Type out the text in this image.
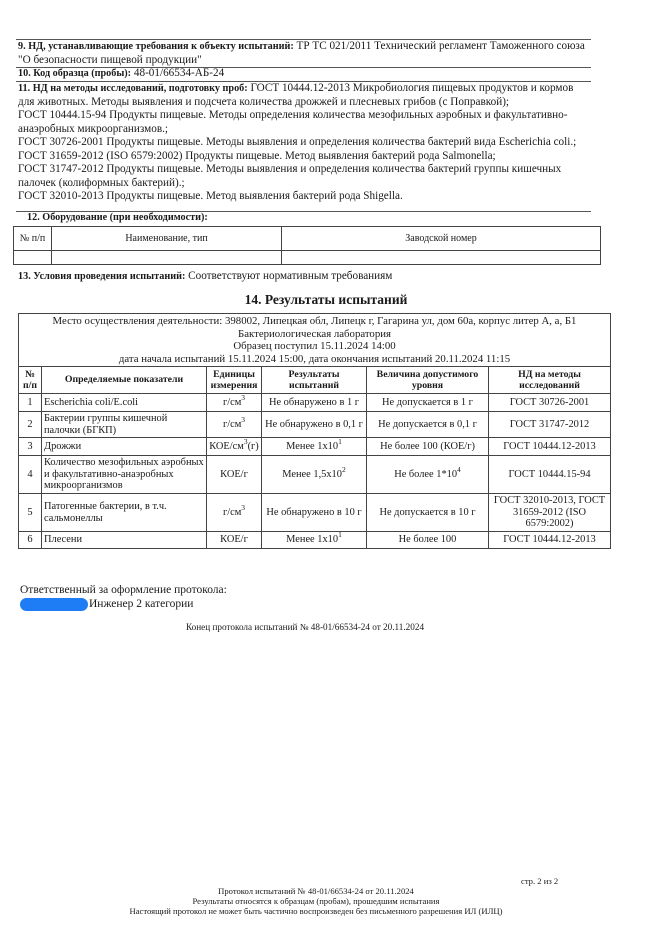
9. НД, устанавливающие требования к объекту испытаний: ТР ТС 021/2011 Технический регламент Таможенного союза "О безопасности пищевой продукции"
10. Код образца (пробы): 48-01/66534-АБ-24
11. НД на методы исследований, подготовку проб: ГОСТ 10444.12-2013 Микробиология пищевых продуктов и кормов для животных. Методы выявления и подсчета количества дрожжей и плесневых грибов (с Поправкой);
ГОСТ 10444.15-94 Продукты пищевые. Методы определения количества мезофильных аэробных и факультативно-анаэробных микроорганизмов.;
ГОСТ 30726-2001 Продукты пищевые. Методы выявления и определения количества бактерий вида Escherichia coli.;
ГОСТ 31659-2012 (ISO 6579:2002) Продукты пищевые. Метод выявления бактерий рода Salmonella;
ГОСТ 31747-2012 Продукты пищевые. Методы выявления и определения количества бактерий группы кишечных палочек (колиформных бактерий).;
ГОСТ 32010-2013 Продукты пищевые. Метод выявления бактерий рода Shigella.
12. Оборудование (при необходимости):
№ п/п	Наименование, тип	Заводской номер

13. Условия проведения испытаний: Соответствуют нормативным требованиям
14. Результаты испытаний
Место осуществления деятельности: 398002, Липецкая обл, Липецк г, Гагарина ул, дом 60а, корпус литер А, а, Б1
Бактериологическая лаборатория
Образец поступил 15.11.2024 14:00
дата начала испытаний 15.11.2024 15:00, дата окончания испытаний 20.11.2024 11:15					

№ п/п	Определяемые показатели	Единицы измерения	Результаты испытаний	Величина допустимого уровня	НД на методы исследований
1	Escherichia coli/E.coli	$г/см^3$	Не обнаружено в 1 г	Не допускается в 1 г	ГОСТ 30726-2001
2	Бактерии группы кишечной палочки (БГКП)	$г/см^3$	Не обнаружено в 0,1 г	Не допускается в 0,1 г	ГОСТ 31747-2012
3	Дрожжи	КОЕ/$см^3(г)$	Менее $1х10^1$	Не более 100 (КОЕ/г)	ГОСТ 10444.12-2013
4	Количество мезофильных аэробных и факультативно-анаэробных микроорганизмов	КОЕ/г	Менее $1,5х10^2$	Не более $1*10^4$	ГОСТ 10444.15-94
5	Патогенные бактерии, в т.ч. сальмонеллы	$г/см^3$	Не обнаружено в 10 г	Не допускается в 10 г	ГОСТ 32010-2013, ГОСТ 31659-2012 (ISO 6579:2002)
6	Плесени	КОЕ/г	Менее $1х10^1$	Не более 100	ГОСТ 10444.12-2013
Ответственный за оформление протокола:
Инженер 2 категории
Конец протокола испытаний № 48-01/66534-24 от 20.11.2024
стр. 2 из 2
Протокол испытаний № 48-01/66534-24 от 20.11.2024
Результаты относятся к образцам (пробам), прошедшим испытания
Настоящий протокол не может быть частично воспроизведен без письменного разрешения ИЛ (ИЛЦ)
